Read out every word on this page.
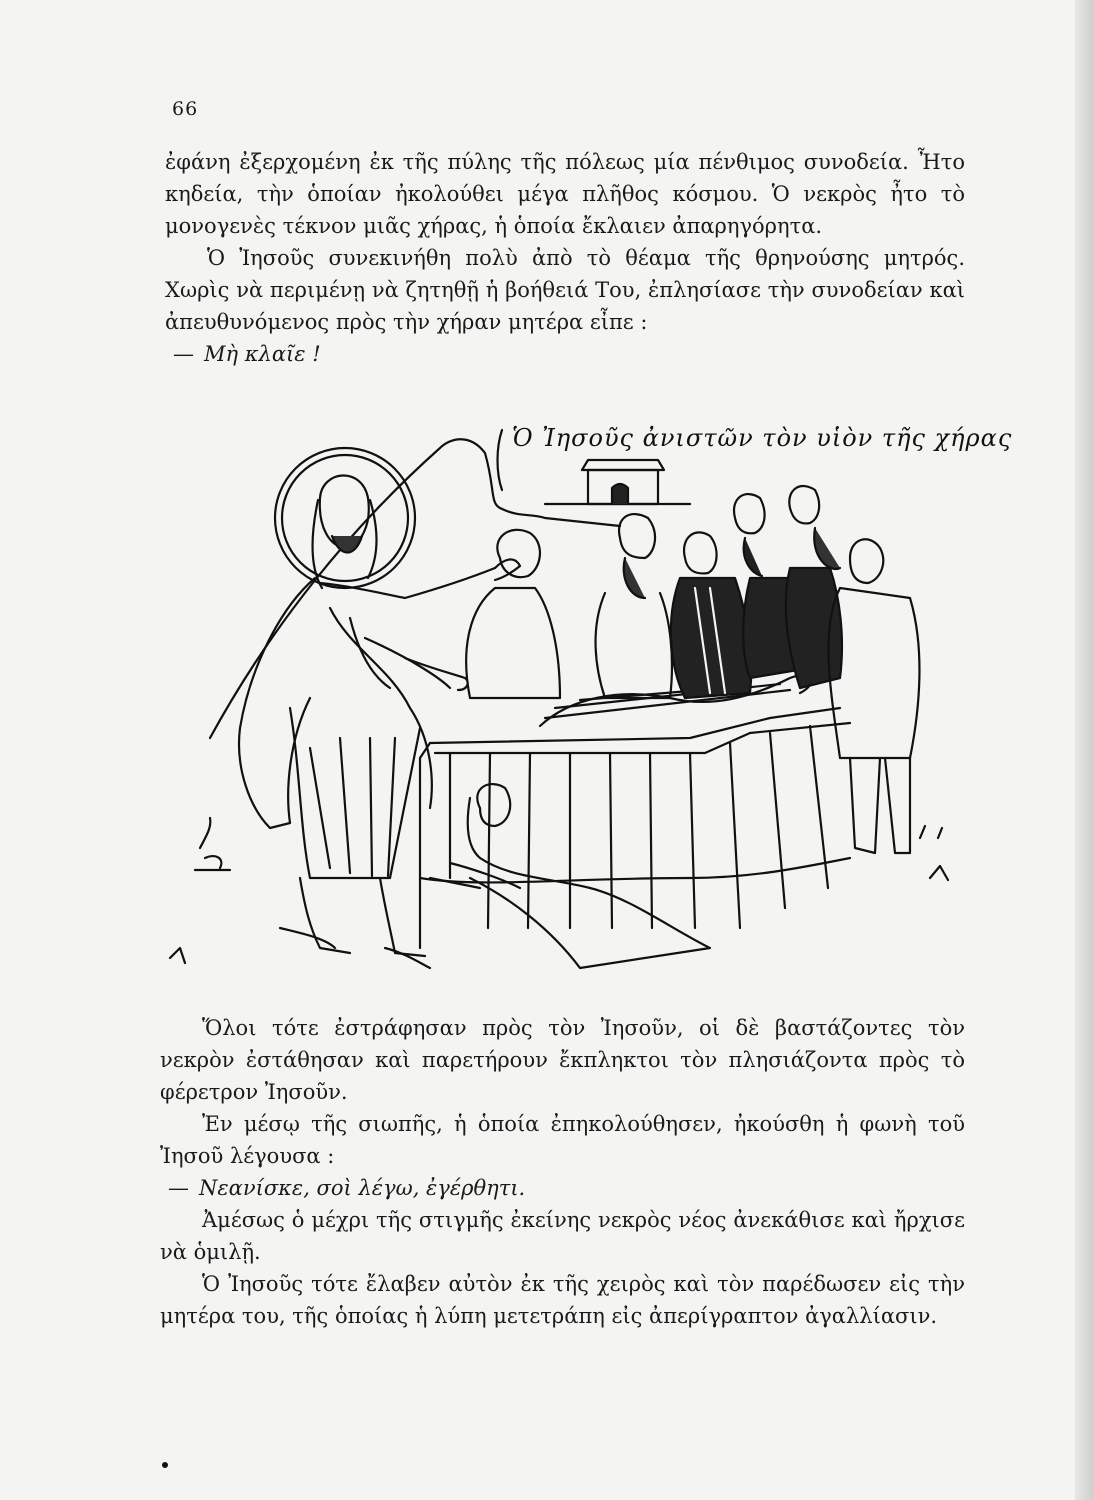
66

ἐφάνη ἐξερχομένη ἐκ τῆς πύλης τῆς πόλεως μία πένθιμος συνοδεία. Ἦτο κηδεία, τὴν ὁποίαν ἠκολούθει μέγα πλῆθος κόσμου. Ὁ νεκρὸς ἦτο τὸ μονογενὲς τέκνον μιᾶς χήρας, ἡ ὁποία ἔκλαιεν ἀπαρηγόρητα.

Ὁ Ἰησοῦς συνεκινήθη πολὺ ἀπὸ τὸ θέαμα τῆς θρηνούσης μητρός. Χωρὶς νὰ περιμένῃ νὰ ζητηθῇ ἡ βοήθειά Του, ἐπλησίασε τὴν συνοδείαν καὶ ἀπευθυνόμενος πρὸς τὴν χήραν μητέρα εἶπε :

— Μὴ κλαῖε !

Ὁ Ἰησοῦς ἀνιστῶν τὸν υἱὸν τῆς χήρας

Ὅλοι τότε ἐστράφησαν πρὸς τὸν Ἰησοῦν, οἱ δὲ βαστάζοντες τὸν νεκρὸν ἐστάθησαν καὶ παρετήρουν ἔκπληκτοι τὸν πλησιάζοντα πρὸς τὸ φέρετρον Ἰησοῦν.

Ἐν μέσῳ τῆς σιωπῆς, ἡ ὁποία ἐπηκολούθησεν, ἠκούσθη ἡ φωνὴ τοῦ Ἰησοῦ λέγουσα :

— Νεανίσκε, σοὶ λέγω, ἐγέρθητι.

Ἀμέσως ὁ μέχρι τῆς στιγμῆς ἐκείνης νεκρὸς νέος ἀνεκάθισε καὶ ἤρχισε νὰ ὁμιλῇ.

Ὁ Ἰησοῦς τότε ἔλαβεν αὐτὸν ἐκ τῆς χειρὸς καὶ τὸν παρέδωσεν εἰς τὴν μητέρα του, τῆς ὁποίας ἡ λύπη μετετράπη εἰς ἀπερίγραπτον ἀγαλλίασιν.
